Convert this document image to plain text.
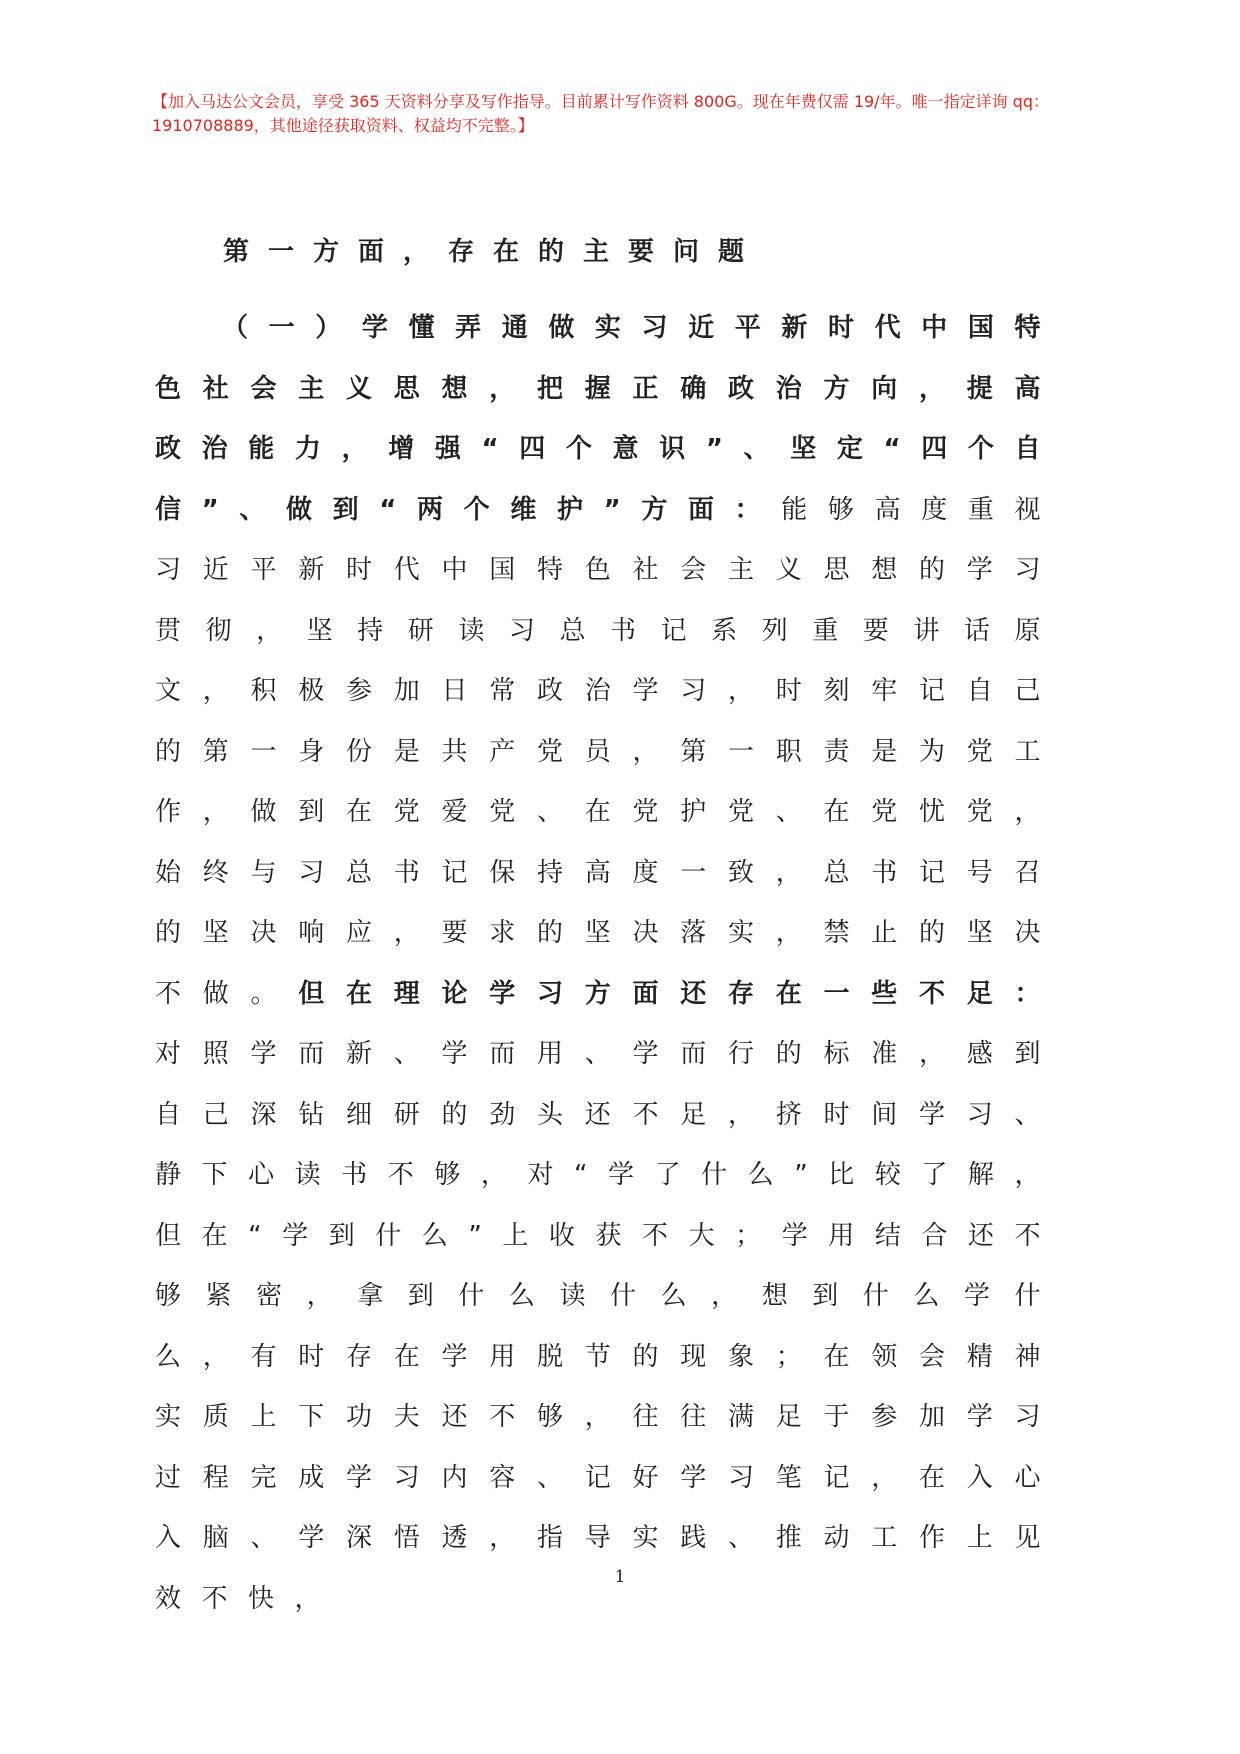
【加入马达公文会员，享受 365 天资料分享及写作指导。目前累计写作资料 800G。现在年费仅需 19/年。唯一指定详询 qq：1910708889，其他途径获取资料、权益均不完整。】

第一方面，存在的主要问题

（一）学懂弄通做实习近平新时代中国特色社会主义思想，把握正确政治方向，提高政治能力，增强“四个意识”、坚定“四个自信”、做到“两个维护”方面：能够高度重视习近平新时代中国特色社会主义思想的学习贯彻，坚持研读习总书记系列重要讲话原文，积极参加日常政治学习，时刻牢记自己的第一身份是共产党员，第一职责是为党工作，做到在党爱党、在党护党、在党忧党，始终与习总书记保持高度一致，总书记号召的坚决响应，要求的坚决落实，禁止的坚决不做。但在理论学习方面还存在一些不足：对照学而新、学而用、学而行的标准，感到自己深钻细研的劲头还不足，挤时间学习、静下心读书不够，对“学了什么”比较了解，但在“学到什么”上收获不大；学用结合还不够紧密，拿到什么读什么，想到什么学什么，有时存在学用脱节的现象；在领会精神实质上下功夫还不够，往往满足于参加学习过程完成学习内容、记好学习笔记，在入心入脑、学深悟透，指导实践、推动工作上见效不快，

1
